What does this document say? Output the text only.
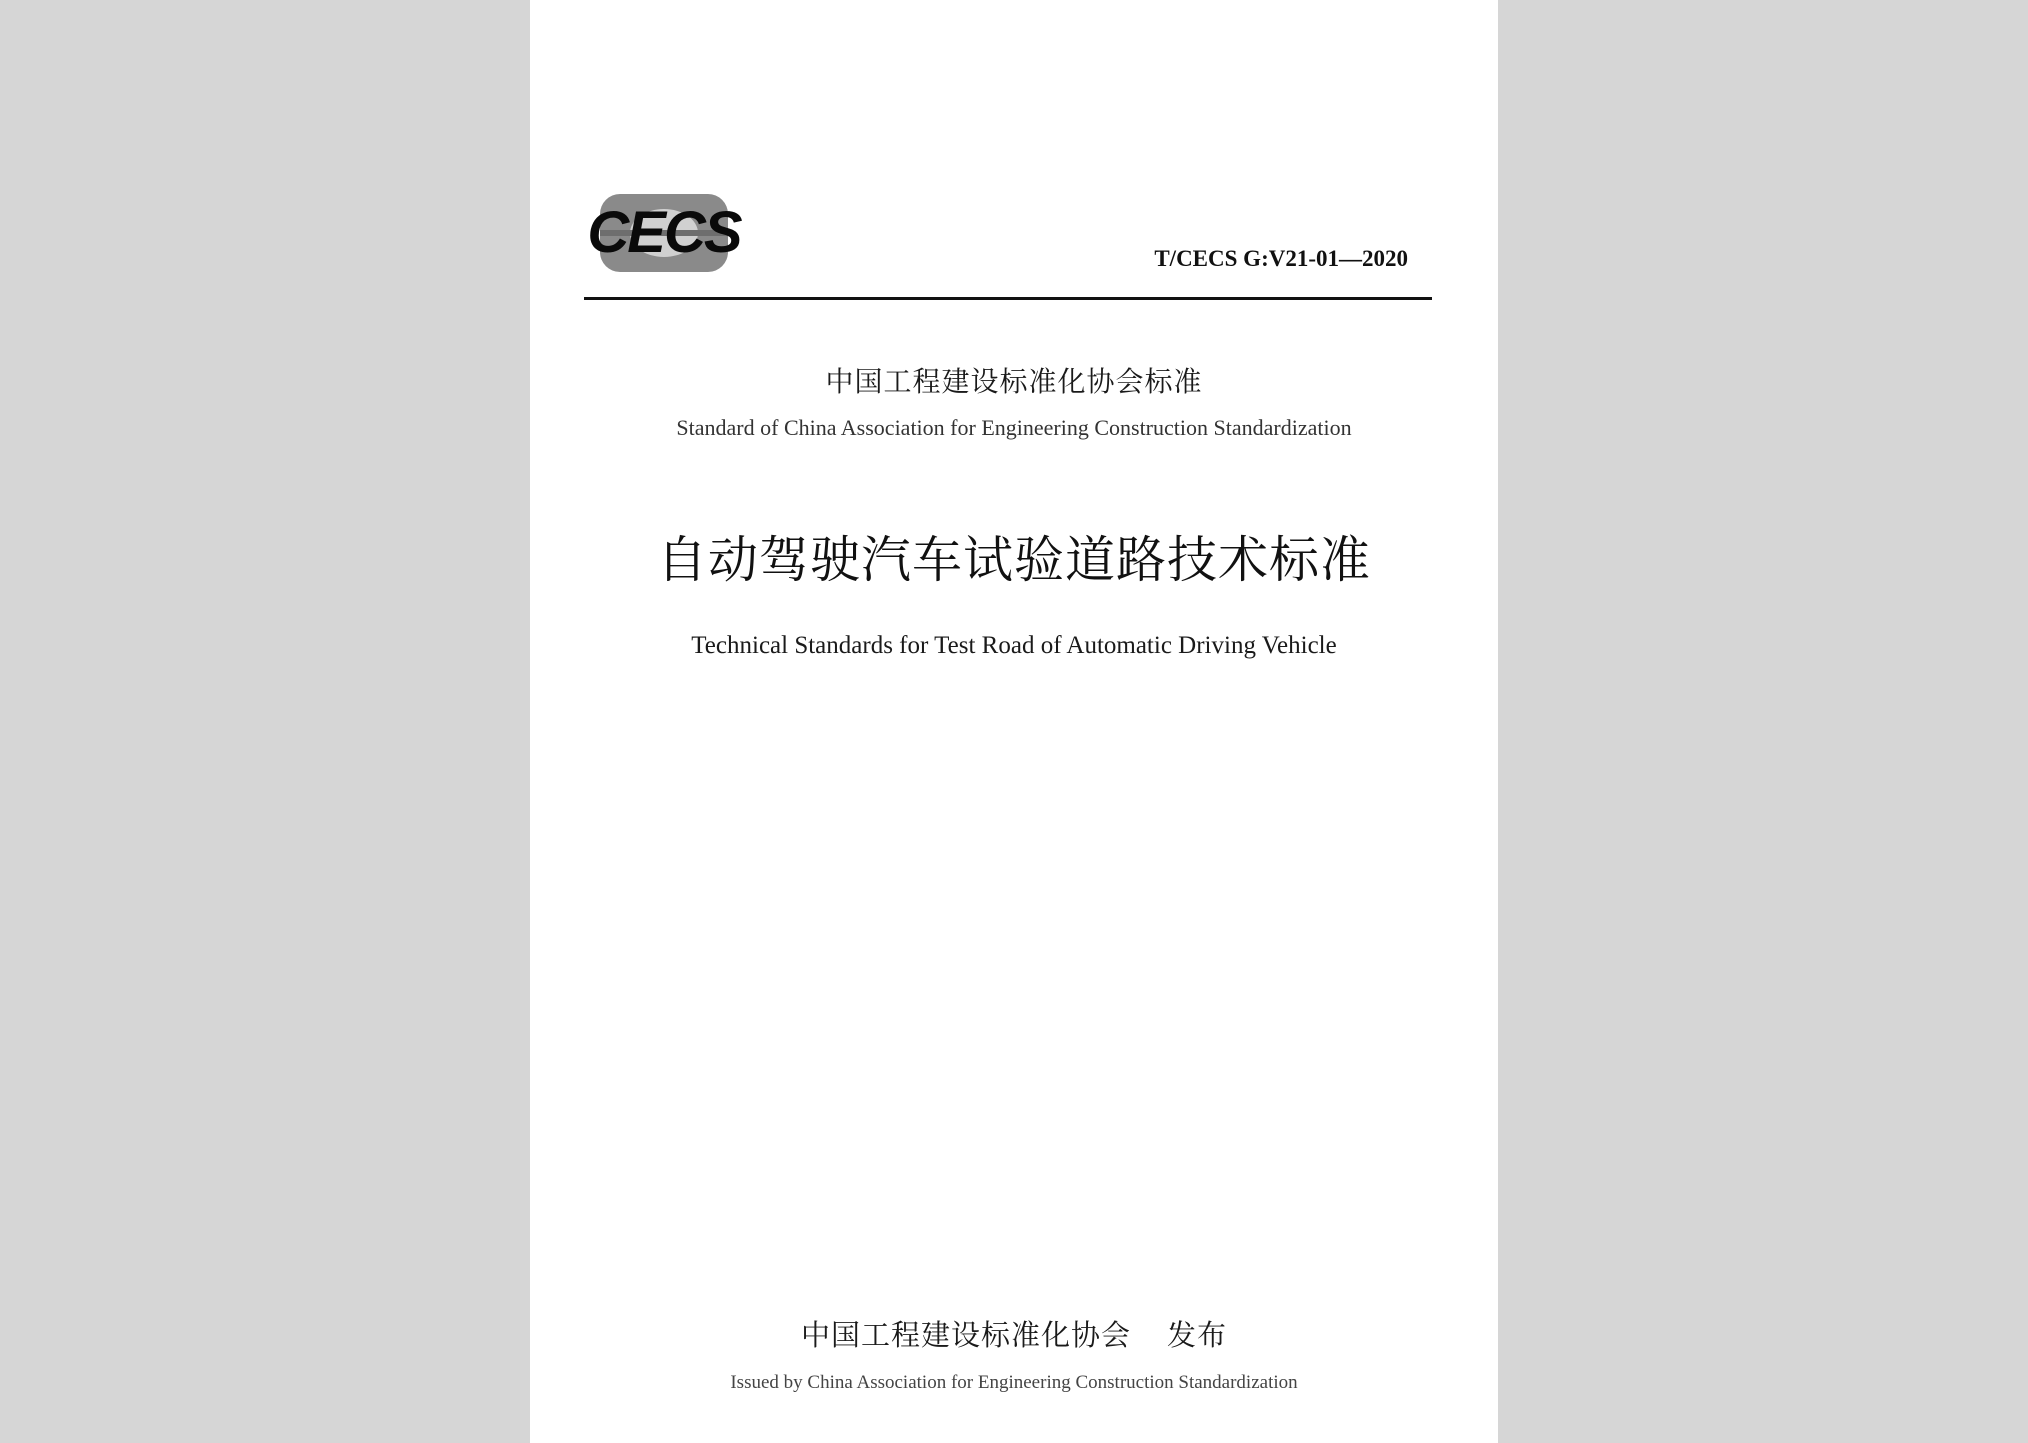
CECS	T/CECS G:V21-01—2020
中国工程建设标准化协会标准
Standard of China Association for Engineering Construction Standardization
自动驾驶汽车试验道路技术标准
Technical Standards for Test Road of Automatic Driving Vehicle
中国工程建设标准化协会 发布
Issued by China Association for Engineering Construction Standardization
